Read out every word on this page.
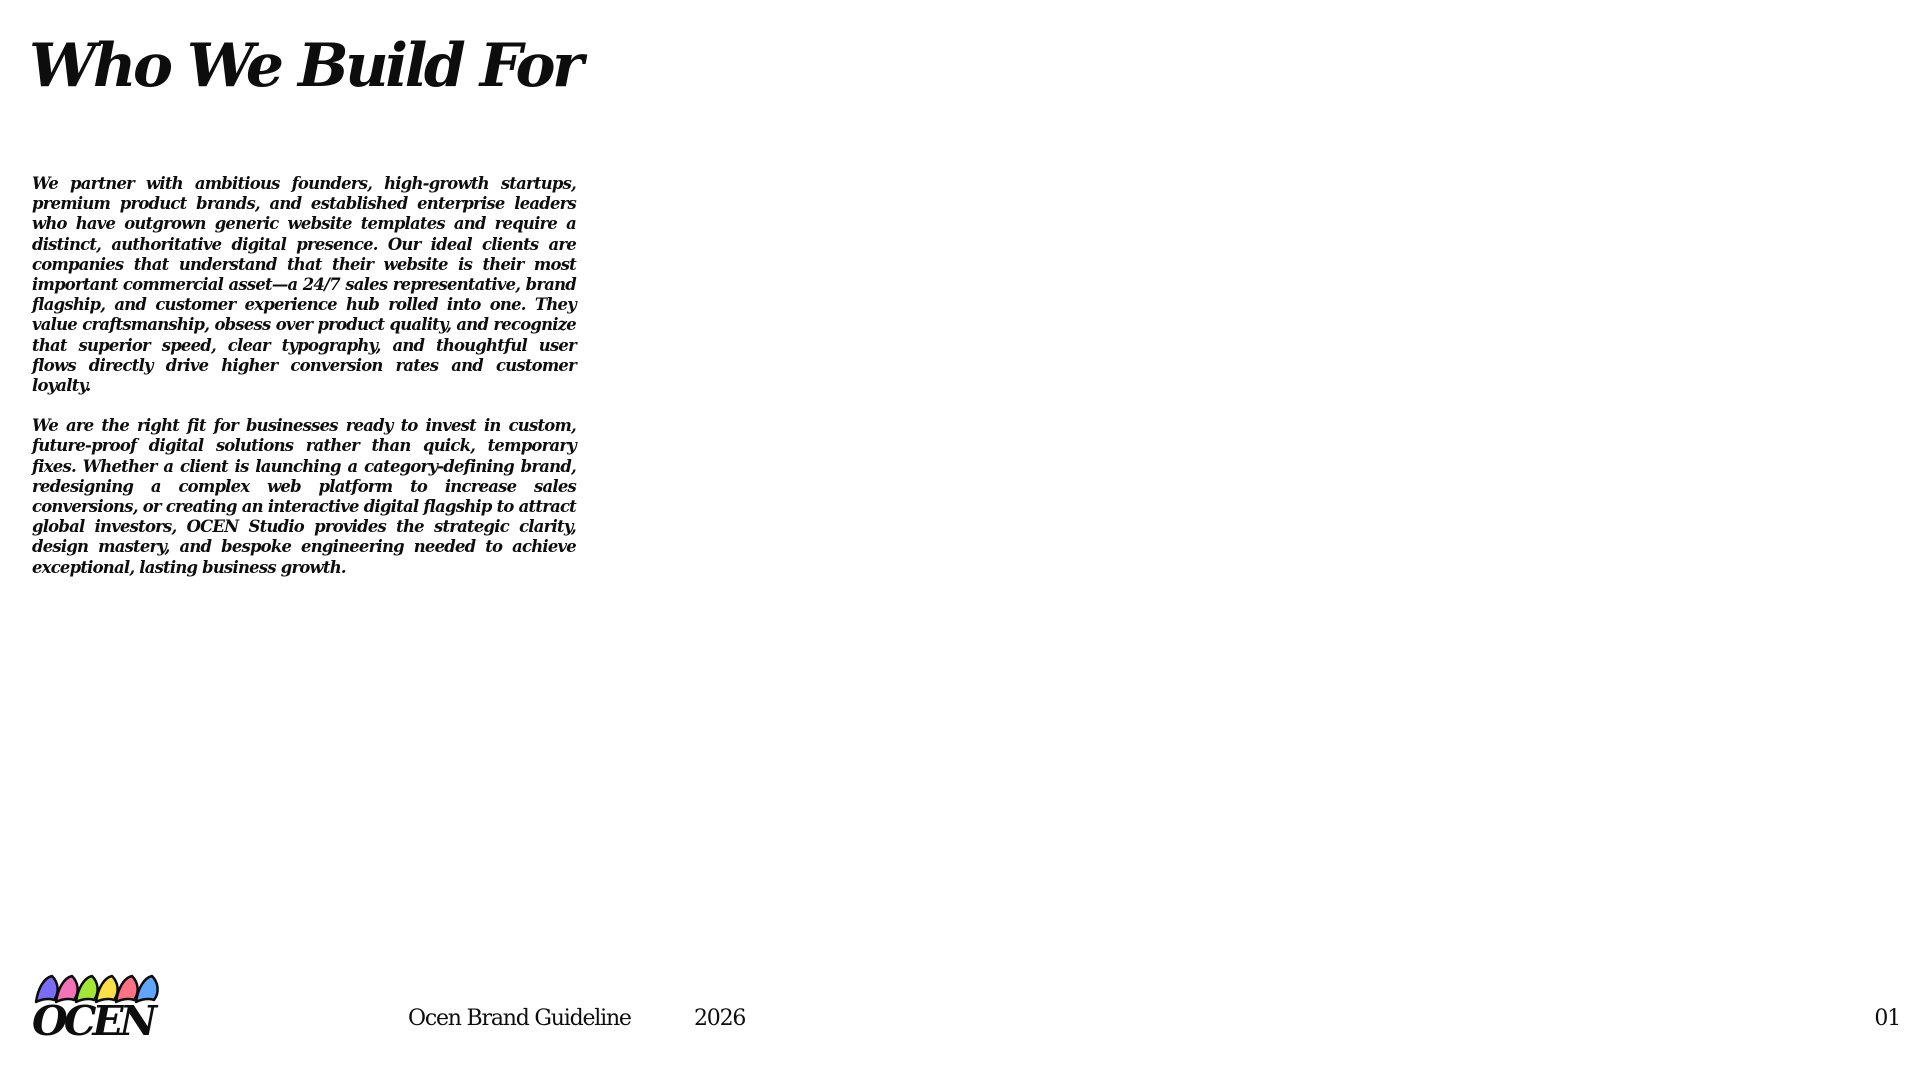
Who We Build For

We partner with ambitious founders, high-growth startups, premium product brands, and established enterprise leaders who have outgrown generic website templates and require a distinct, authoritative digital presence. Our ideal clients are companies that understand that their website is their most important commercial asset—a 24/7 sales representative, brand flagship, and customer experience hub rolled into one. They value craftsmanship, obsess over product quality, and recognize that superior speed, clear typography, and thoughtful user flows directly drive higher conversion rates and customer loyalty.

We are the right fit for businesses ready to invest in custom, future-proof digital solutions rather than quick, temporary fixes. Whether a client is launching a category-defining brand, redesigning a complex web platform to increase sales conversions, or creating an interactive digital flagship to attract global investors, OCEN Studio provides the strategic clarity, design mastery, and bespoke engineering needed to achieve exceptional, lasting business growth.

OCEN	Ocen Brand Guideline	2026	01
